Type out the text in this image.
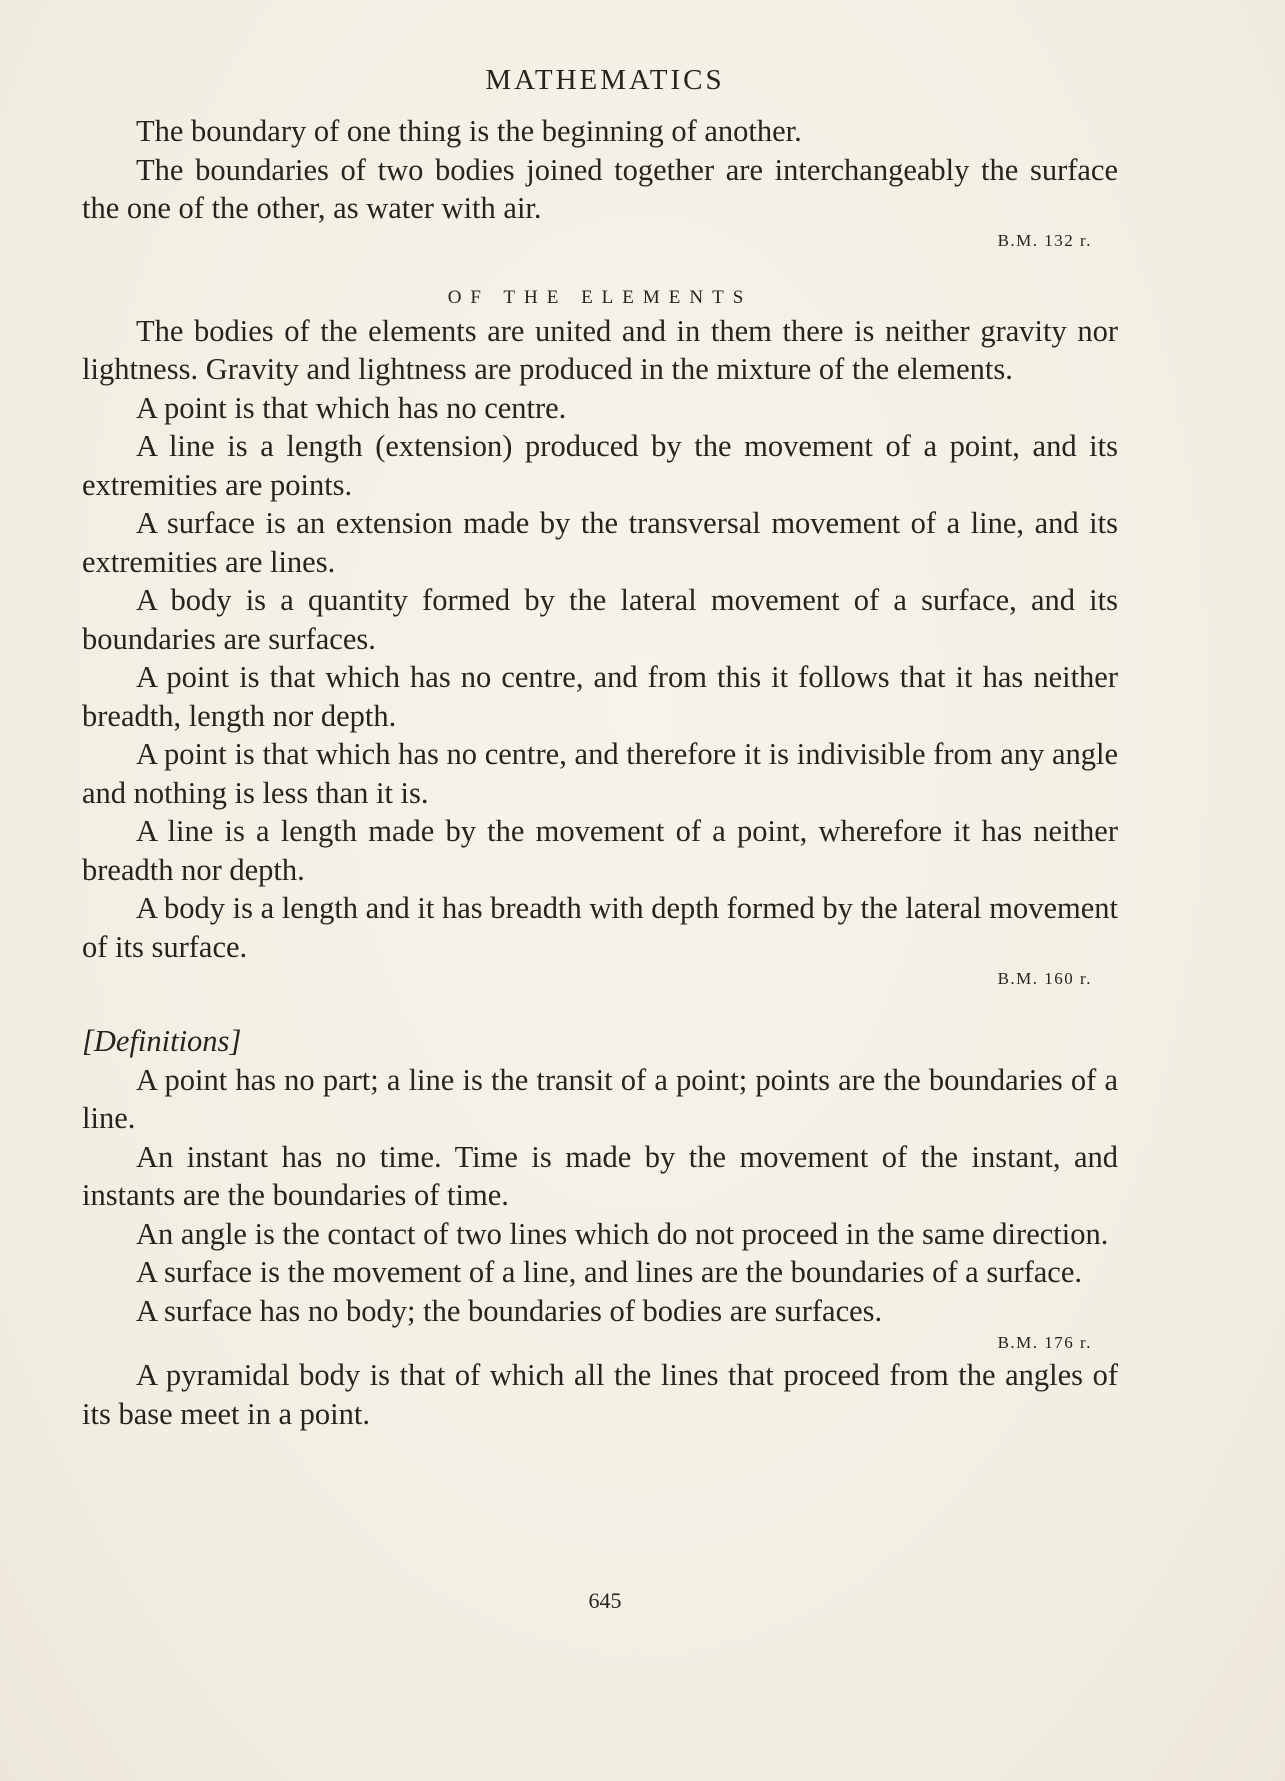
MATHEMATICS

The boundary of one thing is the beginning of another.

The boundaries of two bodies joined together are interchangeably the surface the one of the other, as water with air.

B.M. 132 r.

OF THE ELEMENTS

The bodies of the elements are united and in them there is neither gravity nor lightness. Gravity and lightness are produced in the mixture of the elements.

A point is that which has no centre.

A line is a length (extension) produced by the movement of a point, and its extremities are points.

A surface is an extension made by the transversal movement of a line, and its extremities are lines.

A body is a quantity formed by the lateral movement of a surface, and its boundaries are surfaces.

A point is that which has no centre, and from this it follows that it has neither breadth, length nor depth.

A point is that which has no centre, and therefore it is indivisible from any angle and nothing is less than it is.

A line is a length made by the movement of a point, wherefore it has neither breadth nor depth.

A body is a length and it has breadth with depth formed by the lateral movement of its surface.

B.M. 160 r.

[Definitions]

A point has no part; a line is the transit of a point; points are the boundaries of a line.

An instant has no time. Time is made by the movement of the instant, and instants are the boundaries of time.

An angle is the contact of two lines which do not proceed in the same direction.

A surface is the movement of a line, and lines are the boundaries of a surface.

A surface has no body; the boundaries of bodies are surfaces.

B.M. 176 r.

A pyramidal body is that of which all the lines that proceed from the angles of its base meet in a point.

645
